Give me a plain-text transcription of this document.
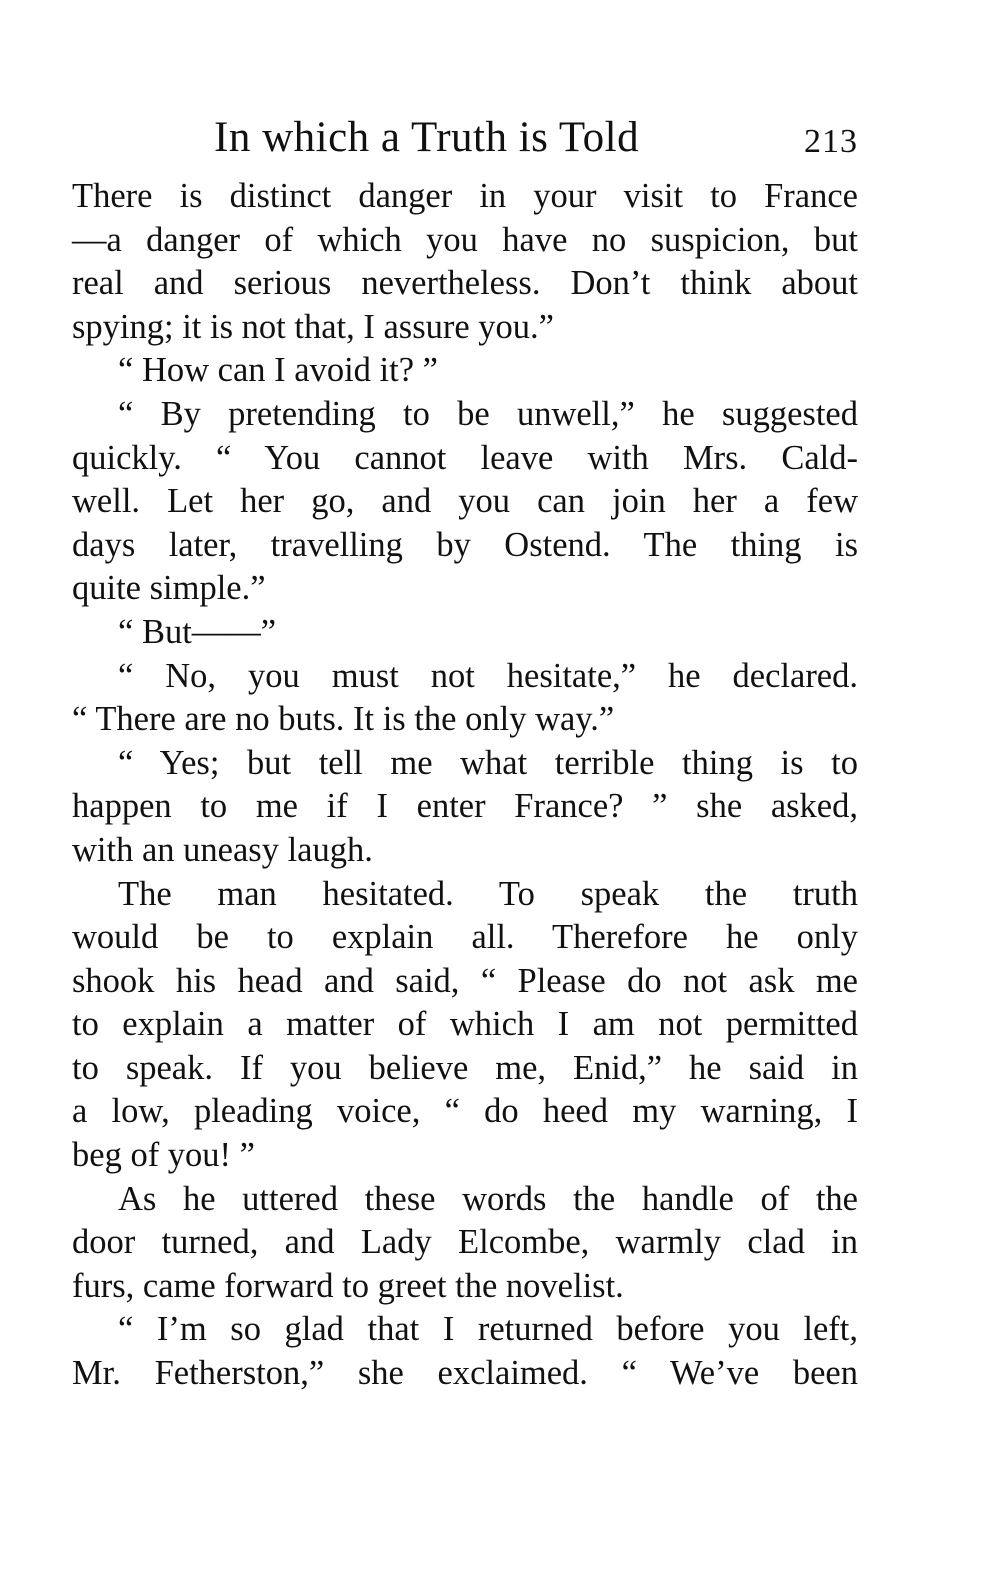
In which a Truth is Told	213
There is distinct danger in your visit to France
—a danger of which you have no suspicion, but
real and serious nevertheless. Don’t think about
spying; it is not that, I assure you.”
“ How can I avoid it? ”
“ By pretending to be unwell,” he suggested
quickly. “ You cannot leave with Mrs. Cald-
well. Let her go, and you can join her a few
days later, travelling by Ostend. The thing is
quite simple.”
“ But——”
“ No, you must not hesitate,” he declared.
“ There are no buts. It is the only way.”
“ Yes; but tell me what terrible thing is to
happen to me if I enter France? ” she asked,
with an uneasy laugh.
The man hesitated. To speak the truth
would be to explain all. Therefore he only
shook his head and said, “ Please do not ask me
to explain a matter of which I am not permitted
to speak. If you believe me, Enid,” he said in
a low, pleading voice, “ do heed my warning, I
beg of you! ”
As he uttered these words the handle of the
door turned, and Lady Elcombe, warmly clad in
furs, came forward to greet the novelist.
“ I’m so glad that I returned before you left,
Mr. Fetherston,” she exclaimed. “ We’ve been
